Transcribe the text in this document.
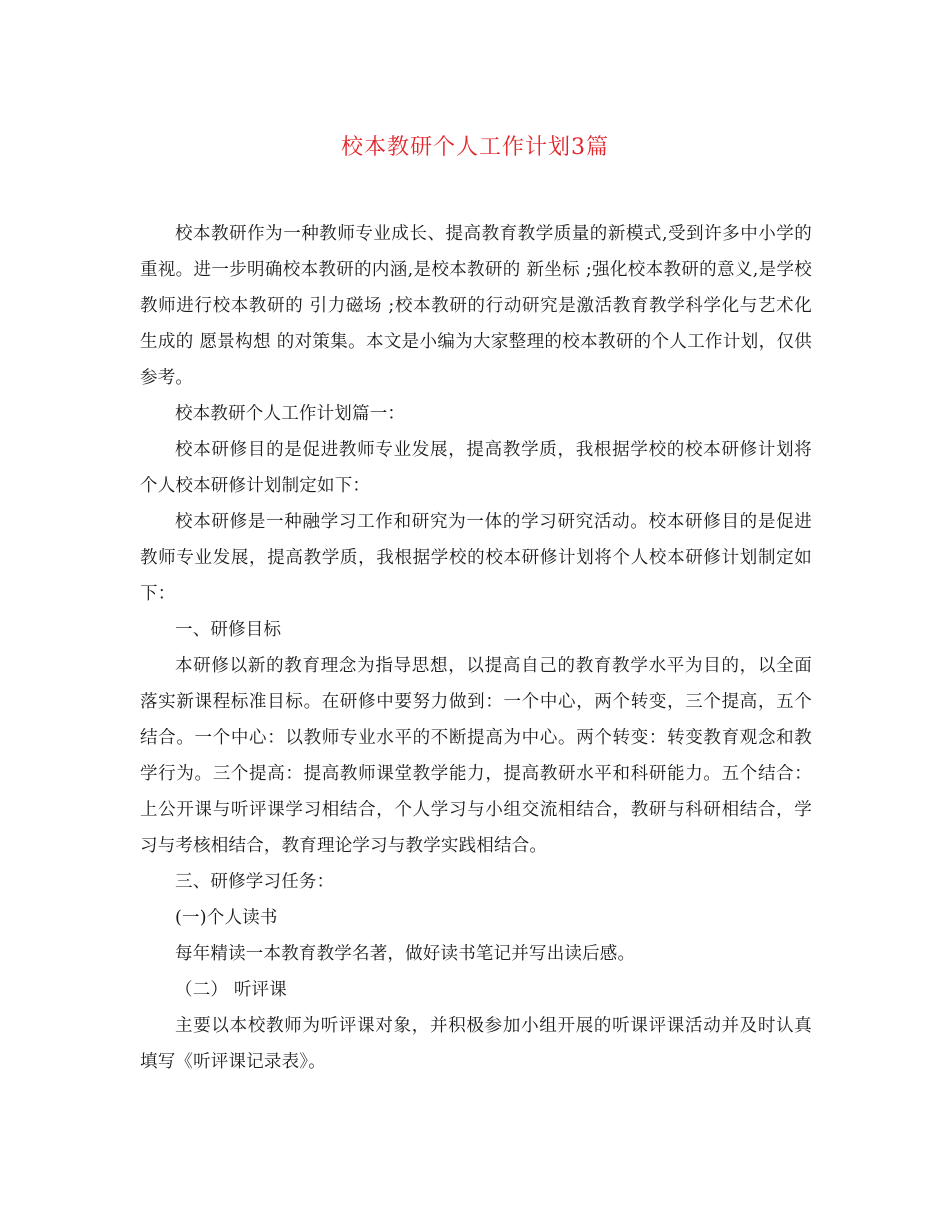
校本教研个人工作计划3篇

校本教研作为一种教师专业成长、提高教育教学质量的新模式,受到许多中小学的重视。进一步明确校本教研的内涵,是校本教研的 新坐标 ;强化校本教研的意义,是学校教师进行校本教研的 引力磁场 ;校本教研的行动研究是激活教育教学科学化与艺术化生成的 愿景构想 的对策集。本文是小编为大家整理的校本教研的个人工作计划，仅供参考。

校本教研个人工作计划篇一：

校本研修目的是促进教师专业发展，提高教学质，我根据学校的校本研修计划将个人校本研修计划制定如下：

校本研修是一种融学习工作和研究为一体的学习研究活动。校本研修目的是促进教师专业发展，提高教学质，我根据学校的校本研修计划将个人校本研修计划制定如下：

一、研修目标

本研修以新的教育理念为指导思想，以提高自己的教育教学水平为目的，以全面落实新课程标准目标。在研修中要努力做到：一个中心，两个转变，三个提高，五个结合。一个中心：以教师专业水平的不断提高为中心。两个转变：转变教育观念和教学行为。三个提高：提高教师课堂教学能力，提高教研水平和科研能力。五个结合：上公开课与听评课学习相结合，个人学习与小组交流相结合，教研与科研相结合，学习与考核相结合，教育理论学习与教学实践相结合。

三、研修学习任务：

(一)个人读书

每年精读一本教育教学名著，做好读书笔记并写出读后感。

（二） 听评课

主要以本校教师为听评课对象，并积极参加小组开展的听课评课活动并及时认真填写《听评课记录表》。
